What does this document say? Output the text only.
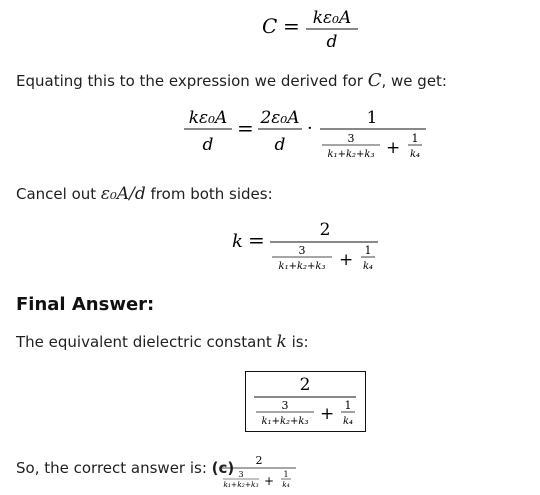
C = kε₀A
d
Equating this to the expression we derived for C, we get:
kε₀A
d
= 2ε₀A
d
·	1
3
k₁+k₂+k₃ + 1
k₄
Cancel out ε₀A/d from both sides:
k =	2
3
k₁+k₂+k₃ + 1
k₄
Final Answer:
The equivalent dielectric constant k is:
2
3
k₁+k₂+k₃ + 1
k₄
So, the correct answer is: (c) 2
3
k₁+k₂+k₃ + 1
k₄
